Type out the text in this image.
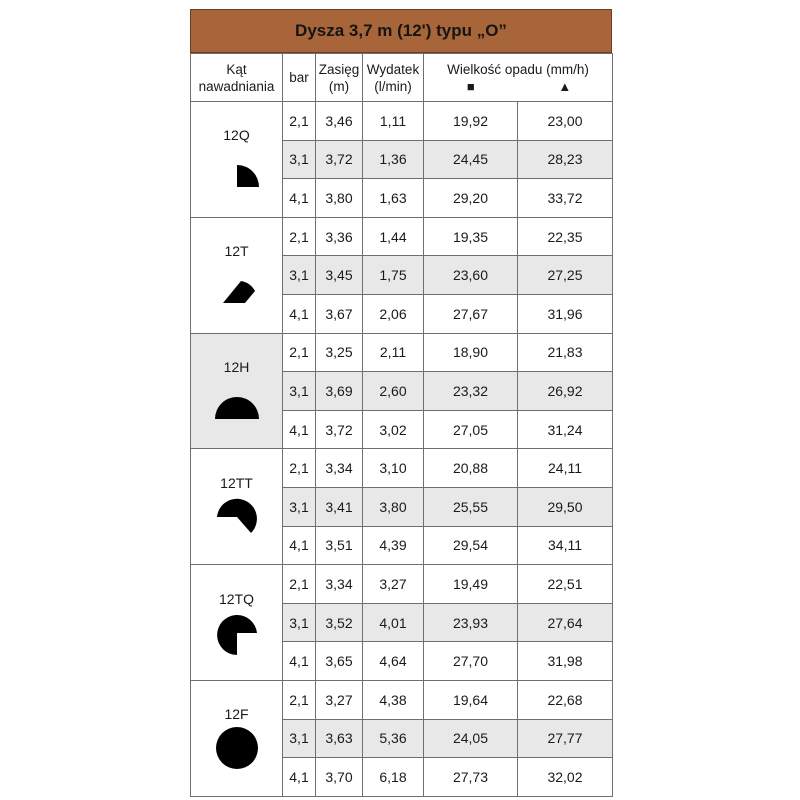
Dysza 3,7 m (12') typu „O”
Kąt nawadniania	bar	Zasięg (m)	Wydatek (l/min)	Wielkość opadu (mm/h)
■ ▲	

12Q	2,1	3,46	1,11	19,92	23,00
	3,1	3,72	1,36	24,45	28,23
	4,1	3,80	1,63	29,20	33,72

12T	2,1	3,36	1,44	19,35	22,35
	3,1	3,45	1,75	23,60	27,25
	4,1	3,67	2,06	27,67	31,96

12H	2,1	3,25	2,11	18,90	21,83
	3,1	3,69	2,60	23,32	26,92
	4,1	3,72	3,02	27,05	31,24

12TT	2,1	3,34	3,10	20,88	24,11
	3,1	3,41	3,80	25,55	29,50
	4,1	3,51	4,39	29,54	34,11

12TQ	2,1	3,34	3,27	19,49	22,51
	3,1	3,52	4,01	23,93	27,64
	4,1	3,65	4,64	27,70	31,98

12F	2,1	3,27	4,38	19,64	22,68
	3,1	3,63	5,36	24,05	27,77
	4,1	3,70	6,18	27,73	32,02
